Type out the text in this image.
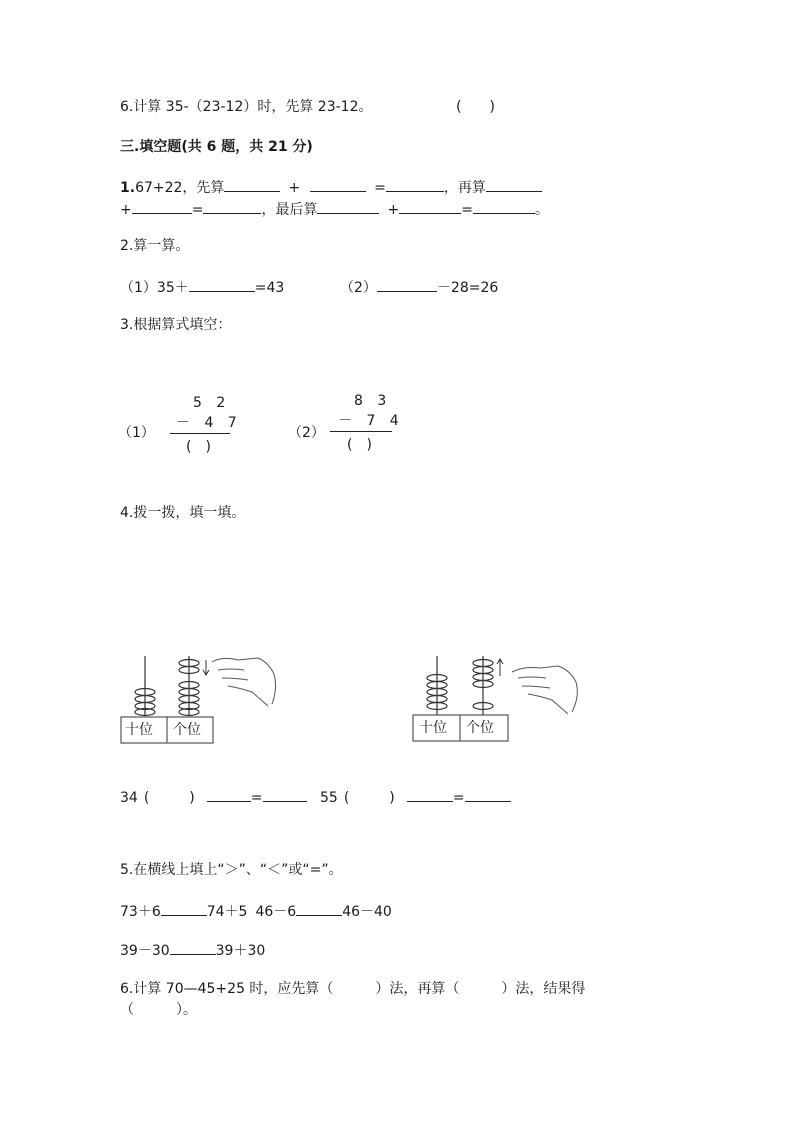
6.计算 35-（23-12）时，先算 23-12。	(　　)
三.填空题(共 6 题，共 21 分)
1.67+22，先算	+	=	，再算
+	=	，最后算	+	=	。
2.算一算。
（1）35＋	=43	（2）	－28=26
3.根据算式填空：
（1）
5 2
－ 4 7
(　)
（2）
8 3
－ 7 4
(　)
4.拨一拨，填一填。
十位 个位	十位 个位
34 (	)	=	55 (	)	=
5.在横线上填上“＞”、“＜”或“=”。
73＋6	74＋5 46－6	46－40
39－30	39＋30
6.计算 70—45+25 时，应先算（　　　）法，再算（　　　）法，结果得
（　　　）。
